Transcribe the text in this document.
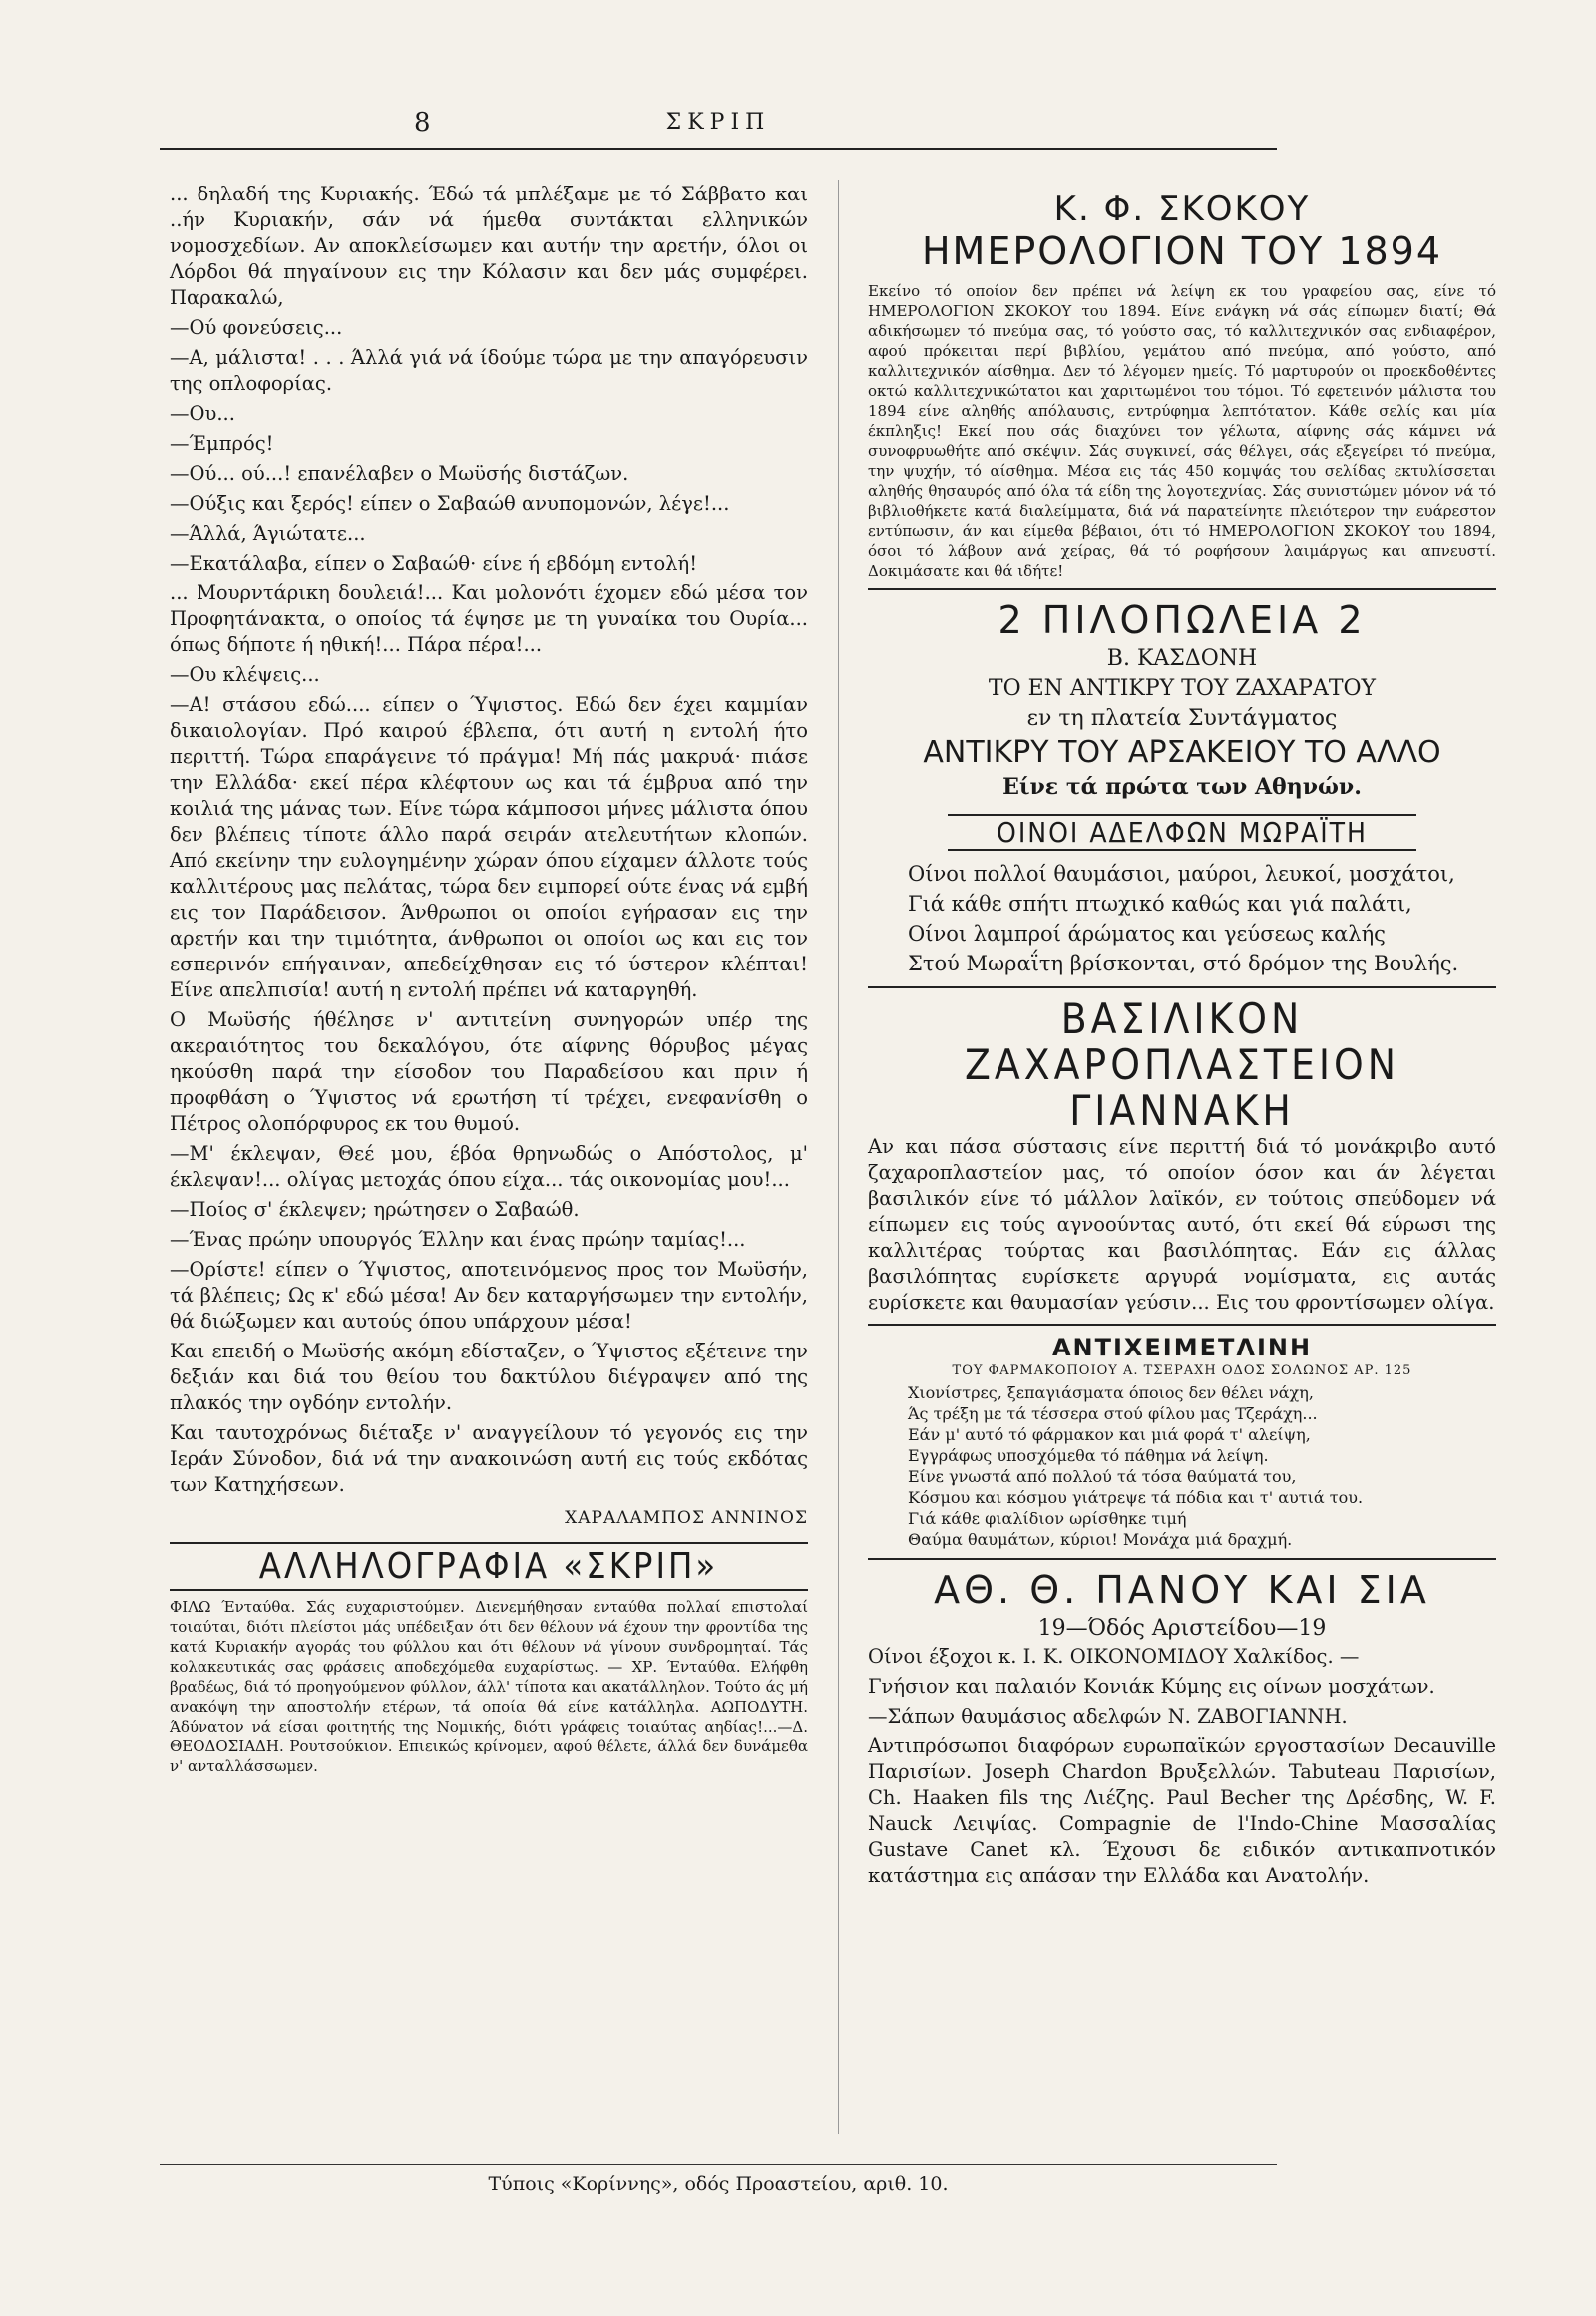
8	ΣΚΡΙΠ

... δηλαδή της Κυριακής. Έδώ τά μπλέξαμε με τό Σάββατο και ..ήν Κυριακήν, σάν νά ήμεθα συντάκται ελληνικών νομοσχεδίων. Αν αποκλείσωμεν και αυτήν την αρετήν, όλοι οι Λόρδοι θά πηγαίνουν εις την Κόλασιν και δεν μάς συμφέρει. Παρακαλώ,

—Ού φονεύσεις...

—Α, μάλιστα! . . . Άλλά γιά νά ίδούμε τώρα με την απαγόρευσιν της οπλοφορίας.

—Ου...

—Έμπρός!

—Ού... ού...! επανέλαβεν ο Μωϋσής διστάζων.

—Ούξις και ξερός! είπεν ο Σαβαώθ ανυπομονών, λέγε!...

—Άλλά, Άγιώτατε...

—Εκατάλαβα, είπεν ο Σαβαώθ· είνε ή εβδόμη εντολή!

... Μουρντάρικη δουλειά!... Και μολονότι έχομεν εδώ μέσα τον Προφητάνακτα, ο οποίος τά έψησε με τη γυναίκα του Ουρία... όπως δήποτε ή ηθική!... Πάρα πέρα!...

—Ου κλέψεις...

—Α! στάσου εδώ.... είπεν ο Ύψιστος. Εδώ δεν έχει καμμίαν δικαιολογίαν. Πρό καιρού έβλεπα, ότι αυτή η εντολή ήτο περιττή. Τώρα επαράγεινε τό πράγμα! Μή πάς μακρυά· πιάσε την Ελλάδα· εκεί πέρα κλέφτουν ως και τά έμβρυα από την κοιλιά της μάνας των. Είνε τώρα κάμποσοι μήνες μάλιστα όπου δεν βλέπεις τίποτε άλλο παρά σειράν ατελευτήτων κλοπών. Από εκείνην την ευλογημένην χώραν όπου είχαμεν άλλοτε τούς καλλιτέρους μας πελάτας, τώρα δεν ειμπορεί ούτε ένας νά εμβή εις τον Παράδεισον. Άνθρωποι οι οποίοι εγήρασαν εις την αρετήν και την τιμιότητα, άνθρωποι οι οποίοι ως και εις τον εσπερινόν επήγαιναν, απεδείχθησαν εις τό ύστερον κλέπται! Είνε απελπισία! αυτή η εντολή πρέπει νά καταργηθή.

Ο Μωϋσής ήθέλησε ν' αντιτείνη συνηγορών υπέρ της ακεραιότητος του δεκαλόγου, ότε αίφνης θόρυβος μέγας ηκούσθη παρά την είσοδον του Παραδείσου και πριν ή προφθάση ο Ύψιστος νά ερωτήση τί τρέχει, ενεφανίσθη ο Πέτρος ολοπόρφυρος εκ του θυμού.

—Μ' έκλεψαν, Θεέ μου, έβόα θρηνωδώς ο Απόστολος, μ' έκλεψαν!... ολίγας μετοχάς όπου είχα... τάς οικονομίας μου!...

—Ποίος σ' έκλεψεν; ηρώτησεν ο Σαβαώθ.

—Ένας πρώην υπουργός Έλλην και ένας πρώην ταμίας!...

—Ορίστε! είπεν ο Ύψιστος, αποτεινόμενος προς τον Μωϋσήν, τά βλέπεις; Ως κ' εδώ μέσα! Αν δεν καταργήσωμεν την εντολήν, θά διώξωμεν και αυτούς όπου υπάρχουν μέσα!

Και επειδή ο Μωϋσής ακόμη εδίσταζεν, ο Ύψιστος εξέτεινε την δεξιάν και διά του θείου του δακτύλου διέγραψεν από της πλακός την ογδόην εντολήν.

Και ταυτοχρόνως διέταξε ν' αναγγείλουν τό γεγονός εις την Ιεράν Σύνοδον, διά νά την ανακοινώση αυτή εις τούς εκδότας των Κατηχήσεων.

ΧΑΡΑΛΑΜΠΟΣ ΑΝΝΙΝΟΣ
ΑΛΛΗΛΟΓΡΑΦΙΑ «ΣΚΡΙΠ»

ΦΙΛΩ Ένταύθα. Σάς ευχαριστούμεν. Διενεμήθησαν ενταύθα πολλαί επιστολαί τοιαύται, διότι πλείστοι μάς υπέδειξαν ότι δεν θέλουν νά έχουν την φροντίδα της κατά Κυριακήν αγοράς του φύλλου και ότι θέλουν νά γίνουν συνδρομηταί. Τάς κολακευτικάς σας φράσεις αποδεχόμεθα ευχαρίστως. — ΧΡ. Ένταύθα. Ελήφθη βραδέως, διά τό προηγούμενον φύλλον, άλλ' τίποτα και ακατάλληλον. Τούτο άς μή ανακόψη την αποστολήν ετέρων, τά οποία θά είνε κατάλληλα. ΑΩΠΟΔΥΤΗ. Άδύνατον νά είσαι φοιτητής της Νομικής, διότι γράφεις τοιαύτας αηδίας!...—Δ. ΘΕΟΔΟΣΙΑΔΗ. Ρουτσούκιον. Επιεικώς κρίνομεν, αφού θέλετε, άλλά δεν δυνάμεθα ν' ανταλλάσσωμεν.

Κ. Φ. ΣΚΟΚΟΥ
ΗΜΕΡΟΛΟΓΙΟΝ ΤΟΥ 1894

Εκείνο τό οποίον δεν πρέπει νά λείψη εκ του γραφείου σας, είνε τό ΗΜΕΡΟΛΟΓΙΟΝ ΣΚΟΚΟΥ του 1894. Είνε ενάγκη νά σάς είπωμεν διατί; Θά αδικήσωμεν τό πνεύμα σας, τό γούστο σας, τό καλλιτεχνικόν σας ενδιαφέρον, αφού πρόκειται περί βιβλίου, γεμάτου από πνεύμα, από γούστο, από καλλιτεχνικόν αίσθημα. Δεν τό λέγομεν ημείς. Τό μαρτυρούν οι προεκδοθέντες οκτώ καλλιτεχνικώτατοι και χαριτωμένοι του τόμοι. Τό εφετεινόν μάλιστα του 1894 είνε αληθής απόλαυσις, εντρύφημα λεπτότατον. Κάθε σελίς και μία έκπληξις! Εκεί που σάς διαχύνει τον γέλωτα, αίφνης σάς κάμνει νά συνοφρυωθήτε από σκέψιν. Σάς συγκινεί, σάς θέλγει, σάς εξεγείρει τό πνεύμα, την ψυχήν, τό αίσθημα. Μέσα εις τάς 450 κομψάς του σελίδας εκτυλίσσεται αληθής θησαυρός από όλα τά είδη της λογοτεχνίας. Σάς συνιστώμεν μόνον νά τό βιβλιοθήκετε κατά διαλείμματα, διά νά παρατείνητε πλειότερον την ευάρεστον εντύπωσιν, άν και είμεθα βέβαιοι, ότι τό ΗΜΕΡΟΛΟΓΙΟΝ ΣΚΟΚΟΥ του 1894, όσοι τό λάβουν ανά χείρας, θά τό ροφήσουν λαιμάργως και απνευστί. Δοκιμάσατε και θά ιδήτε!

2 ΠΙΛΟΠΩΛΕΙΑ 2
Β. ΚΑΣΔΟΝΗ
ΤΟ ΕΝ ΑΝΤΙΚΡΥ ΤΟΥ ΖΑΧΑΡΑΤΟΥ
εν τη πλατεία Συντάγματος
ΑΝΤΙΚΡΥ ΤΟΥ ΑΡΣΑΚΕΙΟΥ ΤΟ ΑΛΛΟ
Είνε τά πρώτα των Αθηνών.
ΟΙΝΟΙ ΑΔΕΛΦΩΝ ΜΩΡΑΪΤΗ
Οίνοι πολλοί θαυμάσιοι, μαύροι, λευκοί, μοσχάτοι,
Γιά κάθε σπήτι πτωχικό καθώς και γιά παλάτι,
Οίνοι λαμπροί άρώματος και γεύσεως καλής
Στού Μωραΐτη βρίσκονται, στό δρόμον της Βουλής.
ΒΑΣΙΛΙΚΟΝ ΖΑΧΑΡΟΠΛΑΣΤΕΙΟΝ
ΓΙΑΝΝΑΚΗ

Αν και πάσα σύστασις είνε περιττή διά τό μονάκριβο αυτό ζαχαροπλαστείον μας, τό οποίον όσον και άν λέγεται βασιλικόν είνε τό μάλλον λαϊκόν, εν τούτοις σπεύδομεν νά είπωμεν εις τούς αγνοούντας αυτό, ότι εκεί θά εύρωσι της καλλιτέρας τούρτας και βασιλόπητας. Εάν εις άλλας βασιλόπητας ευρίσκετε αργυρά νομίσματα, εις αυτάς ευρίσκετε και θαυμασίαν γεύσιν... Εις του φροντίσωμεν ολίγα.

ΑΝΤΙΧΕΙΜΕΤΛΙΝΗ
ΤΟΥ ΦΑΡΜΑΚΟΠΟΙΟΥ Α. ΤΣΕΡΑΧΗ ΟΔΟΣ ΣΟΛΩΝΟΣ ΑΡ. 125
Χιονίστρες, ξεπαγιάσματα όποιος δεν θέλει νάχη,
Άς τρέξη με τά τέσσερα στού φίλου μας Τζεράχη...
Εάν μ' αυτό τό φάρμακον και μιά φορά τ' αλείψη,
Εγγράφως υποσχόμεθα τό πάθημα νά λείψη.
Είνε γνωστά από πολλού τά τόσα θαύματά του,
Κόσμου και κόσμου γιάτρεψε τά πόδια και τ' αυτιά του.
Γιά κάθε φιαλίδιον ωρίσθηκε τιμή
Θαύμα θαυμάτων, κύριοι! Μονάχα μιά δραχμή.
ΑΘ. Θ. ΠΑΝΟΥ ΚΑΙ ΣΙΑ
19—Όδός Αριστείδου—19

Οίνοι έξοχοι κ. Ι. Κ. ΟΙΚΟΝΟΜΙΔΟΥ Χαλκίδος. —

Γνήσιον και παλαιόν Κονιάκ Κύμης εις οίνων μοσχάτων.

—Σάπων θαυμάσιος αδελφών Ν. ΖΑΒΟΓΙΑΝΝΗ.

Αντιπρόσωποι διαφόρων ευρωπαϊκών εργοστασίων Decauville Παρισίων. Joseph Chardon Βρυξελλών. Tabuteau Παρισίων, Ch. Haaken fils της Λιέζης. Paul Becher της Δρέσδης, W. F. Nauck Λειψίας. Compagnie de l'Indo-Chine Μασσαλίας Gustave Canet κλ. Έχουσι δε ειδικόν αντικαπνοτικόν κατάστημα εις απάσαν την Ελλάδα και Ανατολήν.

Τύποις «Κορίννης», οδός Προαστείου, αριθ. 10.
